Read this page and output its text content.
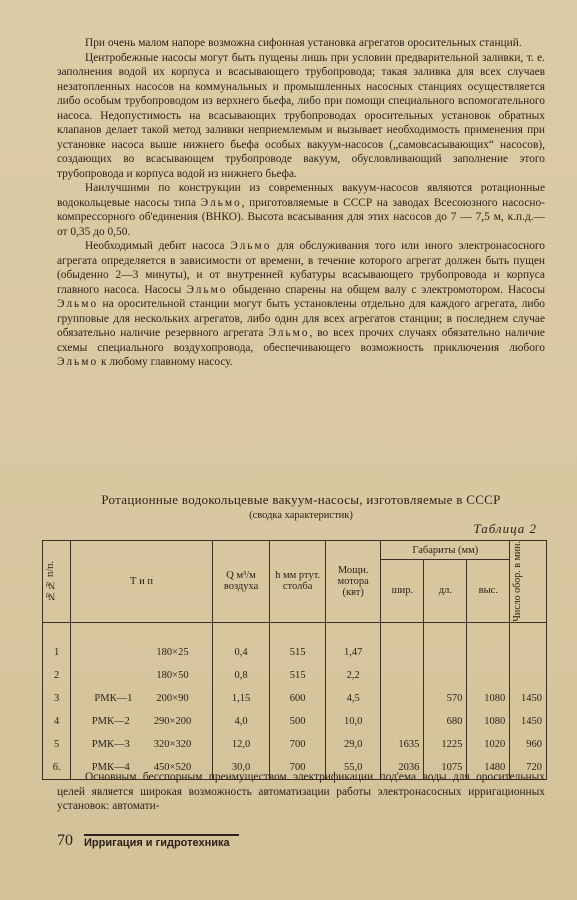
При очень малом напоре возможна сифонная установка агрегатов оросительных станций.

Центробежные насосы могут быть пущены лишь при условии предварительной заливки, т. е. заполнения водой их корпуса и всасывающего трубопровода; такая заливка для всех случаев незатопленных насосов на коммунальных и промышленных насосных станциях осуществляется либо особым трубопроводом из верхнего бьефа, либо при помощи специального вспомогательного насоса. Недопустимость на всасывающих трубопроводах оросительных установок обратных клапанов делает такой метод заливки неприемлемым и вызывает необходимость применения при установке насоса выше нижнего бьефа особых вакуум-насосов („самовсасывающих“ насосов), создающих во всасывающем трубопроводе вакуум, обусловливающий заполнение этого трубопровода и корпуса водой из нижнего бьефа.

Наилучшими по конструкции из современных вакуум-насосов являются ротационные водокольцевые насосы типа Эльмо, приготовляемые в СССР на заводах Всесоюзного насосно-компрессорного об'единения (ВНКО). Высота всасывания для этих насосов до 7 — 7,5 м, к.п.д.— от 0,35 до 0,50.

Необходимый дебит насоса Эльмо для обслуживания того или иного электронасосного агрегата определяется в зависимости от времени, в течение которого агрегат должен быть пущен (обыденно 2—3 минуты), и от внутренней кубатуры всасывающего трубопровода и корпуса главного насоса. Насосы Эльмо обыденно спарены на общем валу с электромотором. Насосы Эльмо на оросительной станции могут быть установлены отдельно для каждого агрегата, либо групповые для нескольких агрегатов, либо один для всех агрегатов станции; в последнем случае обязательно наличие резервного агрегата Эльмо, во всех прочих случаях обязательно наличие схемы специального воздухопровода, обеспечивающего возможность приключения любого Эльмо к любому главному насосу.

Ротационные водокольцевые вакуум-насосы, изготовляемые в СССР
(сводка характеристик)
Таблица 2
№№ п/п.	Т и п	Q м³/м воздуха	h мм ртут. столба	Мощн. мотора (квт)	Габариты (мм)			Число обор. в мин.

					шир.	дл.	выс.	
1	180×25	0,4	515	1,47				
2	180×50	0,8	515	2,2				
3	РМК—1 200×90	1,15	600	4,5		570	1080	1450
4	РМК—2 290×200	4,0	500	10,0		680	1080	1450
5	РМК—3 320×320	12,0	700	29,0	1635	1225	1020	960
6.	РМК—4 450×520	30,0	700	55,0	2036	1075	1480	720

Основным бесспорным преимуществом электрификации под'ема воды для оросительных целей является широкая возможность автоматизации работы электронасосных ирригационных установок: автомати-

70 Ирригация и гидротехника
